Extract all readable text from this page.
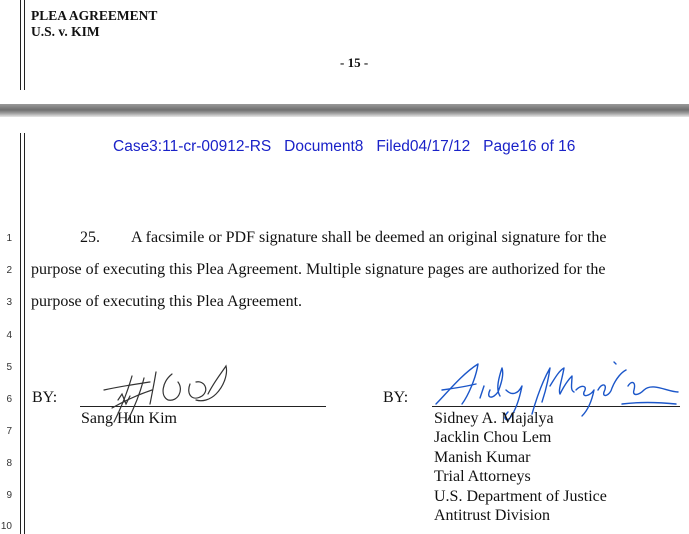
PLEA AGREEMENT
U.S. v. KIM
- 15 -
Case3:11-cr-00912-RS   Document8   Filed04/17/12   Page16 of 16
1
2
3
4
5
6
7
8
9
10
25. A facsimile or PDF signature shall be deemed an original signature for the
purpose of executing this Plea Agreement. Multiple signature pages are authorized for the
purpose of executing this Plea Agreement.
BY:
Sang Hun Kim
BY:
Sidney A. Majalya
Jacklin Chou Lem
Manish Kumar
Trial Attorneys
U.S. Department of Justice
Antitrust Division
